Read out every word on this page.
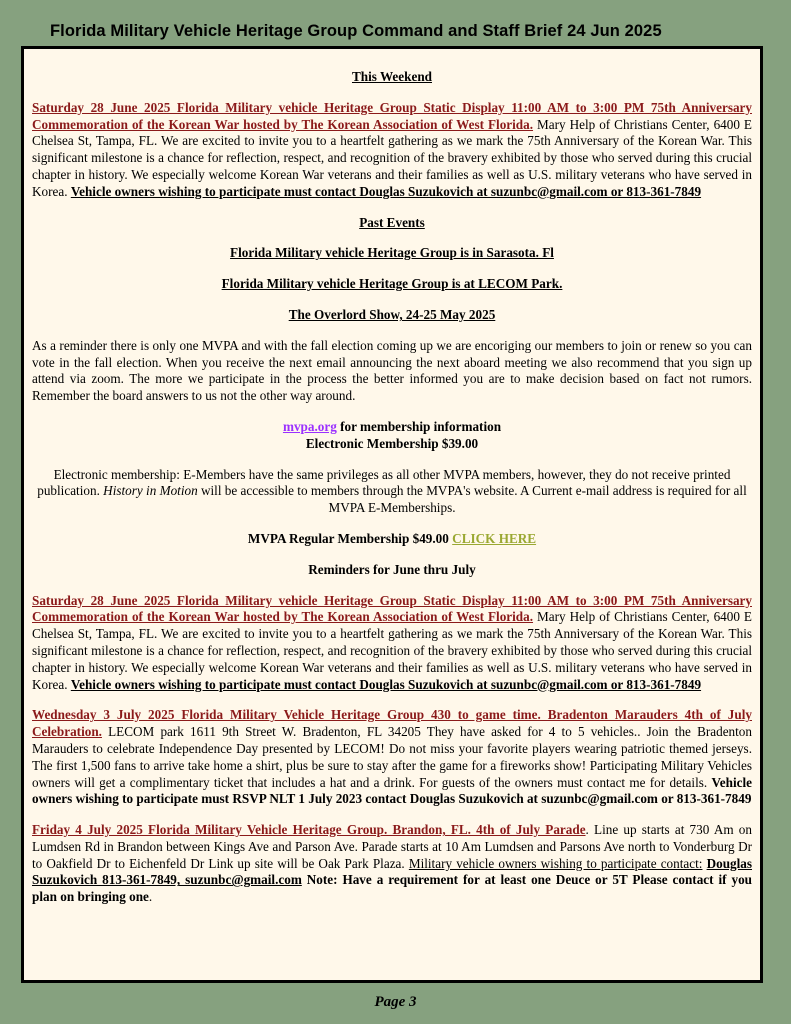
Florida Military Vehicle Heritage Group Command and Staff Brief 24 Jun 2025

This Weekend

Saturday 28 June 2025 Florida Military vehicle Heritage Group Static Display 11:00 AM to 3:00 PM 75th Anniversary Commemoration of the Korean War hosted by The Korean Association of West Florida. Mary Help of Christians Center, 6400 E Chelsea St, Tampa, FL. We are excited to invite you to a heartfelt gathering as we mark the 75th Anniversary of the Korean War. This significant milestone is a chance for reflection, respect, and recognition of the bravery exhibited by those who served during this crucial chapter in history. We especially welcome Korean War veterans and their families as well as U.S. military veterans who have served in Korea. Vehicle owners wishing to participate must contact Douglas Suzukovich at suzunbc@gmail.com or 813-361-7849

Past Events

Florida Military vehicle Heritage Group is in Sarasota. Fl

Florida Military vehicle Heritage Group is at LECOM Park.

The Overlord Show, 24-25 May 2025

As a reminder there is only one MVPA and with the fall election coming up we are encoriging our members to join or renew so you can vote in the fall election. When you receive the next email announcing the next aboard meeting we also recommend that you sign up attend via zoom. The more we participate in the process the better informed you are to make decision based on fact not rumors. Remember the board answers to us not the other way around.

mvpa.org for membership information
Electronic Membership $39.00

Electronic membership: E-Members have the same privileges as all other MVPA members, however, they do not receive printed publication. History in Motion will be accessible to members through the MVPA's website. A Current e-mail address is required for all MVPA E-Memberships.

MVPA Regular Membership $49.00 CLICK HERE

Reminders for June thru July

Saturday 28 June 2025 Florida Military vehicle Heritage Group Static Display 11:00 AM to 3:00 PM 75th Anniversary Commemoration of the Korean War hosted by The Korean Association of West Florida. Mary Help of Christians Center, 6400 E Chelsea St, Tampa, FL. We are excited to invite you to a heartfelt gathering as we mark the 75th Anniversary of the Korean War. This significant milestone is a chance for reflection, respect, and recognition of the bravery exhibited by those who served during this crucial chapter in history. We especially welcome Korean War veterans and their families as well as U.S. military veterans who have served in Korea. Vehicle owners wishing to participate must contact Douglas Suzukovich at suzunbc@gmail.com or 813-361-7849

Wednesday 3 July 2025 Florida Military Vehicle Heritage Group 430 to game time. Bradenton Marauders 4th of July Celebration. LECOM park 1611 9th Street W. Bradenton, FL 34205 They have asked for 4 to 5 vehicles.. Join the Bradenton Marauders to celebrate Independence Day presented by LECOM! Do not miss your favorite players wearing patriotic themed jerseys. The first 1,500 fans to arrive take home a shirt, plus be sure to stay after the game for a fireworks show! Participating Military Vehicles owners will get a complimentary ticket that includes a hat and a drink. For guests of the owners must contact me for details. Vehicle owners wishing to participate must RSVP NLT 1 July 2023 contact Douglas Suzukovich at suzunbc@gmail.com or 813-361-7849

Friday 4 July 2025 Florida Military Vehicle Heritage Group. Brandon, FL. 4th of July Parade. Line up starts at 730 Am on Lumdsen Rd in Brandon between Kings Ave and Parson Ave. Parade starts at 10 Am Lumdsen and Parsons Ave north to Vonderburg Dr to Oakfield Dr to Eichenfeld Dr Link up site will be Oak Park Plaza. Military vehicle owners wishing to participate contact: Douglas Suzukovich 813-361-7849, suzunbc@gmail.com Note: Have a requirement for at least one Deuce or 5T Please contact if you plan on bringing one.

Page 3
